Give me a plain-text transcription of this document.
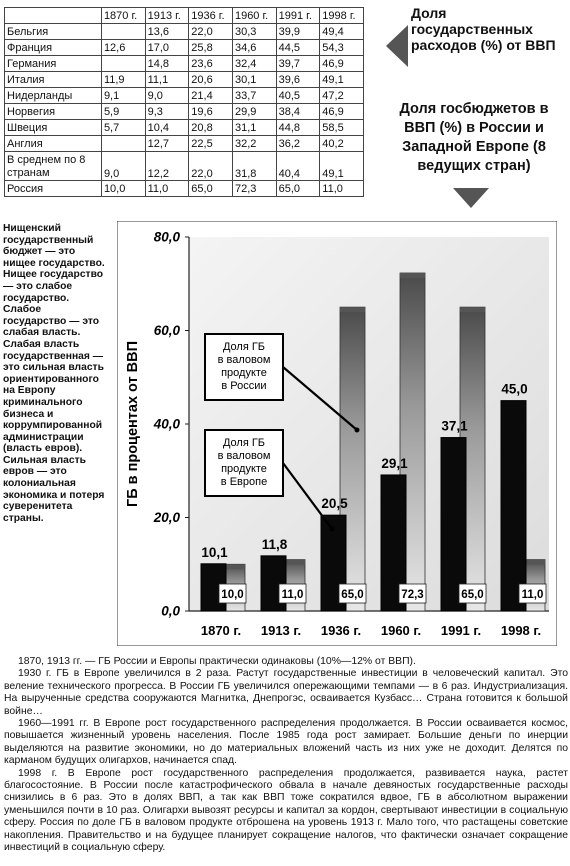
	1870 г.	1913 г.	1936 г.	1960 г.	1991 г.	1998 г.
Бельгия		13,6	22,0	30,3	39,9	49,4
Франция	12,6	17,0	25,8	34,6	44,5	54,3
Германия		14,8	23,6	32,4	39,7	46,9
Италия	11,9	11,1	20,6	30,1	39,6	49,1
Нидерланды	9,1	9,0	21,4	33,7	40,5	47,2
Норвегия	5,9	9,3	19,6	29,9	38,4	46,9
Швеция	5,7	10,4	20,8	31,1	44,8	58,5
Англия		12,7	22,5	32,2	36,2	40,2
В среднем по 8 странам	9,0	12,2	22,0	31,8	40,4	49,1
Россия	10,0	11,0	65,0	72,3	65,0	11,0
Доля государственных расходов (%) от ВВП
Доля госбюджетов в ВВП (%) в России и Западной Европе (8 ведущих стран)
Нищенский государственный бюджет — это нищее государство. Нищее государство — это слабое государство. Слабое государство — это слабая власть. Слабая власть государственная — это сильная власть ориентированного на Европу криминального бизнеса и коррумпированной администрации (власть евров). Сильная власть евров — это колониальная экономика и потеря суверенитета страны.
0,0
20,0
40,0
60,0
80,0
ГБ в процентах от ВВП
10,1
10,0
1870 г.
11,8
11,0
1913 г.
20,5
65,0
1936 г.
29,1
72,3
1960 г.
37,1
65,0
1991 г.
45,0
11,0
1998 г.
Доля ГБ в валовом продукте в России
Доля ГБ в валовом продукте в Европе

1870, 1913 гг. — ГБ России и Европы практически одинаковы (10%—12% от ВВП).

1930 г. ГБ в Европе увеличился в 2 раза. Растут государственные инвестиции в человеческий капитал. Это веление технического прогресса. В России ГБ увеличился опережающими темпами — в 6 раз. Индустриализация. На вырученные средства сооружаются Магнитка, Днепрогэс, осваивается Кузбасс… Страна готовится к большой войне…

1960—1991 гг. В Европе рост государственного распределения продолжается. В России осваивается космос, повышается жизненный уровень населения. После 1985 года рост замирает. Большие деньги по инерции выделяются на развитие экономики, но до материальных вложений часть из них уже не доходит. Делятся по карманом будущих олигархов, начинается спад.

1998 г. В Европе рост государственного распределения продолжается, развивается наука, растет благосостояние. В России после катастрофического обвала в начале девяностых государственные расходы снизились в 6 раз. Это в долях ВВП, а так как ВВП тоже сократился вдвое, ГБ в абсолютном выражении уменьшился почти в 10 раз. Олигархи вывозят ресурсы и капитал за кордон, свертывают инвестиции в социальную сферу. Россия по доле ГБ в валовом продукте отброшена на уровень 1913 г. Мало того, что растащены советские накопления. Правительство и на будущее планирует сокращение налогов, что фактически означает сокращение инвестиций в социальную сферу.
